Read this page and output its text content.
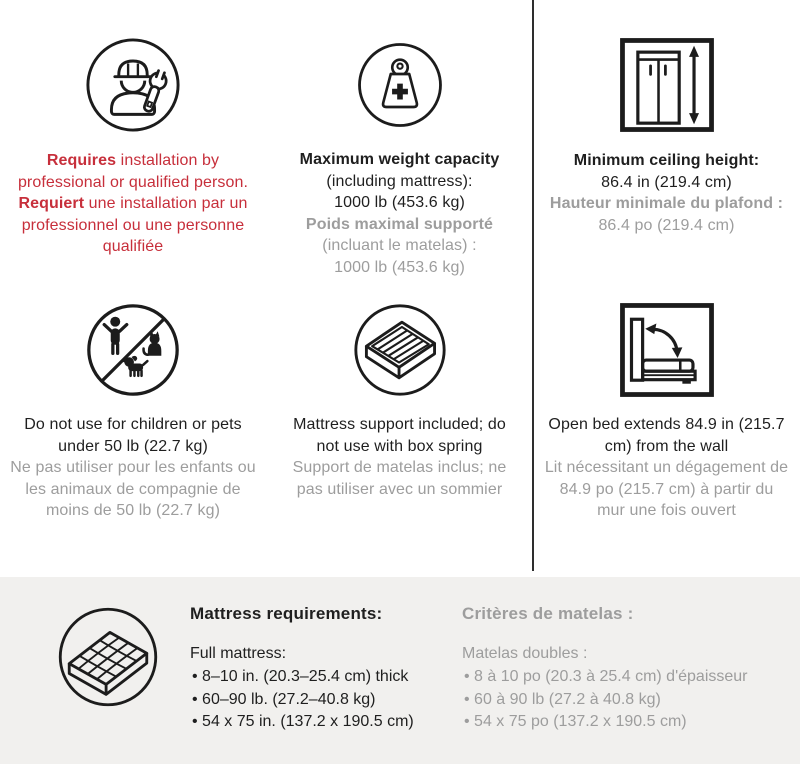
Requires installation by professional or qualified person.

Requiert une installation par un professionnel ou une personne qualifiée

Maximum weight capacity
(including mattress):
1000 lb (453.6 kg)
Poids maximal supporté
(incluant le matelas) :
1000 lb (453.6 kg)
Minimum ceiling height:
86.4 in (219.4 cm)
Hauteur minimale du plafond :
86.4 po (219.4 cm)

Do not use for children or pets under 50 lb (22.7 kg)

Ne pas utiliser pour les enfants ou les animaux de compagnie de moins de 50 lb (22.7 kg)

Mattress support included; do not use with box spring

Support de matelas inclus; ne pas utiliser avec un sommier

Open bed extends 84.9 in (215.7 cm) from the wall

Lit nécessitant un dégagement de 84.9 po (215.7 cm) à partir du mur une fois ouvert

Mattress requirements:
Full mattress:
• 8–10 in. (20.3–25.4 cm) thick
• 60–90 lb. (27.2–40.8 kg)
• 54 x 75 in. (137.2 x 190.5 cm)
Critères de matelas :
Matelas doubles :
• 8 à 10 po (20.3 à 25.4 cm) d'épaisseur
• 60 à 90 lb (27.2 à 40.8 kg)
• 54 x 75 po (137.2 x 190.5 cm)
